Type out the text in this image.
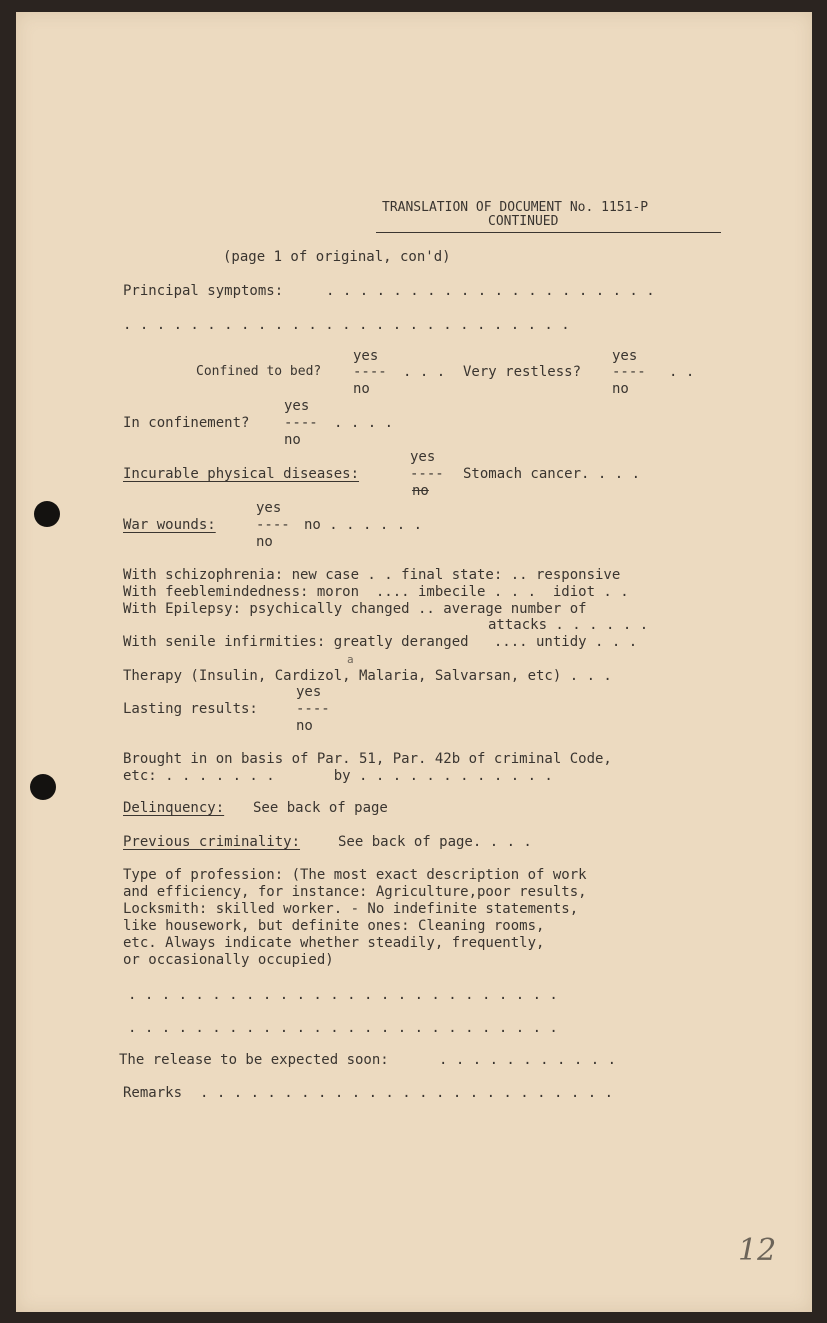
TRANSLATION OF DOCUMENT No. 1151-P
CONTINUED
(page 1 of original, con'd)
Principal symptoms:	. . . . . . . . . . . . . . . . . . . .
. . . . . . . . . . . . . . . . . . . . . . . . . . .
yes	yes
Confined to bed? ---- . . . Very restless? ---- . .
no	no
yes
In confinement? ---- . . . .
no
yes
Incurable physical diseases:	---- Stomach cancer. . . .
no
yes
War wounds:	---- no . . . . . .
no
With schizophrenia: new case . . final state: .. responsive
With feeblemindedness: moron  .... imbecile . . .  idiot . .
With Epilepsy: psychically changed .. average number of
attacks . . . . . .
With senile infirmities: greatly deranged   .... untidy . . .
a
Therapy (Insulin, Cardizol, Malaria, Salvarsan, etc) . . .
yes
Lasting results:	----
no
Brought in on basis of Par. 51, Par. 42b of criminal Code,
etc: . . . . . . .       by . . . . . . . . . . . .
Delinquency: See back of page
Previous criminality:	See back of page. . . .
Type of profession: (The most exact description of work
and efficiency, for instance: Agriculture,poor results,
Locksmith: skilled worker. - No indefinite statements,
like housework, but definite ones: Cleaning rooms,
etc. Always indicate whether steadily, frequently,
or occasionally occupied)
. . . . . . . . . . . . . . . . . . . . . . . . . .
. . . . . . . . . . . . . . . . . . . . . . . . . .
The release to be expected soon:	. . . . . . . . . . .
Remarks . . . . . . . . . . . . . . . . . . . . . . . . .
12
